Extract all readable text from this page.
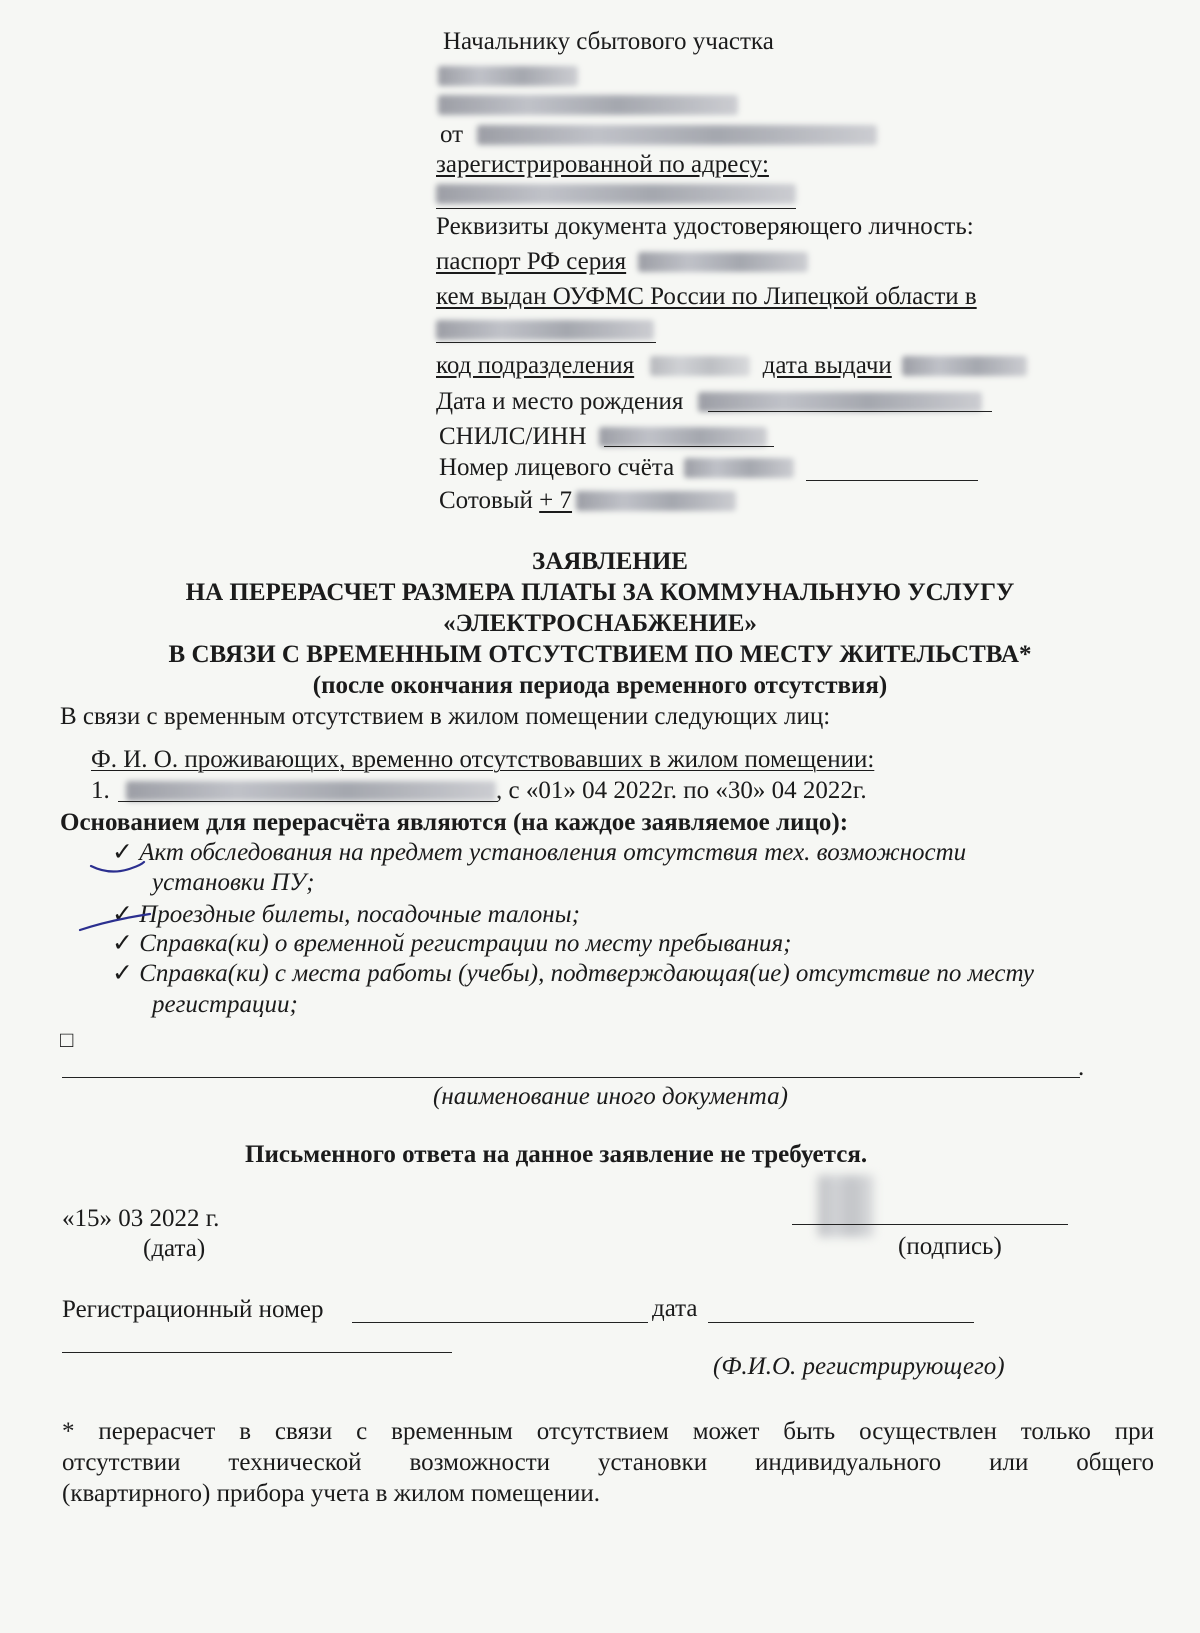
Начальнику сбытового участка
от
зарегистрированной по адресу:
Реквизиты документа удостоверяющего личность:
паспорт РФ серия
кем выдан ОУФМС России по Липецкой области в
код подразделения	дата выдачи
Дата и место рождения
СНИЛС/ИНН
Номер лицевого счёта
Сотовый + 7
ЗАЯВЛЕНИЕ
НА ПЕРЕРАСЧЕТ РАЗМЕРА ПЛАТЫ ЗА КОММУНАЛЬНУЮ УСЛУГУ
«ЭЛЕКТРОСНАБЖЕНИЕ»
В СВЯЗИ С ВРЕМЕННЫМ ОТСУТСТВИЕМ ПО МЕСТУ ЖИТЕЛЬСТВА*
(после окончания периода временного отсутствия)
В связи с временным отсутствием в жилом помещении следующих лиц:
Ф. И. О. проживающих, временно отсутствовавших в жилом помещении:
1.	, с «01» 04 2022г. по «30» 04 2022г.
Основанием для перерасчёта являются (на каждое заявляемое лицо):
✓ Акт обследования на предмет установления отсутствия тех. возможности
установки ПУ;
✓ Проездные билеты, посадочные талоны;
✓ Справка(ки) о временной регистрации по месту пребывания;
✓ Справка(ки) с места работы (учебы), подтверждающая(ие) отсутствие по месту
регистрации;
□
.
(наименование иного документа)
Письменного ответа на данное заявление не требуется.
«15» 03 2022 г.
(дата)	(подпись)
Регистрационный номер	дата
(Ф.И.О. регистрирующего)
* перерасчет в связи с временным отсутствием может быть осуществлен только при
отсутствии технической возможности установки индивидуального или общего
(квартирного) прибора учета в жилом помещении.
